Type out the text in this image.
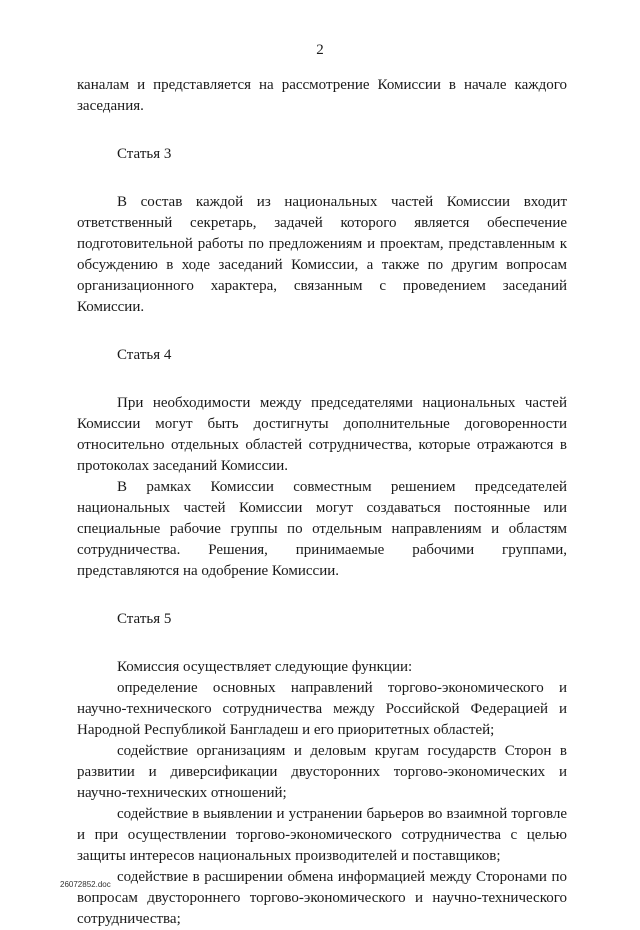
2

каналам и представляется на рассмотрение Комиссии в начале каждого заседания.

Статья 3

В состав каждой из национальных частей Комиссии входит ответственный секретарь, задачей которого является обеспечение подготовительной работы по предложениям и проектам, представленным к обсуждению в ходе заседаний Комиссии, а также по другим вопросам организационного характера, связанным с проведением заседаний Комиссии.

Статья 4

При необходимости между председателями национальных частей Комиссии могут быть достигнуты дополнительные договоренности относительно отдельных областей сотрудничества, которые отражаются в протоколах заседаний Комиссии.

В рамках Комиссии совместным решением председателей национальных частей Комиссии могут создаваться постоянные или специальные рабочие группы по отдельным направлениям и областям сотрудничества. Решения, принимаемые рабочими группами, представляются на одобрение Комиссии.

Статья 5

Комиссия осуществляет следующие функции:

определение основных направлений торгово-экономического и научно-технического сотрудничества между Российской Федерацией и Народной Республикой Бангладеш и его приоритетных областей;

содействие организациям и деловым кругам государств Сторон в развитии и диверсификации двусторонних торгово-экономических и научно-технических отношений;

содействие в выявлении и устранении барьеров во взаимной торговле и при осуществлении торгово-экономического сотрудничества с целью защиты интересов национальных производителей и поставщиков;

содействие в расширении обмена информацией между Сторонами по вопросам двустороннего торгово-экономического и научно-технического сотрудничества;

26072852.doc
